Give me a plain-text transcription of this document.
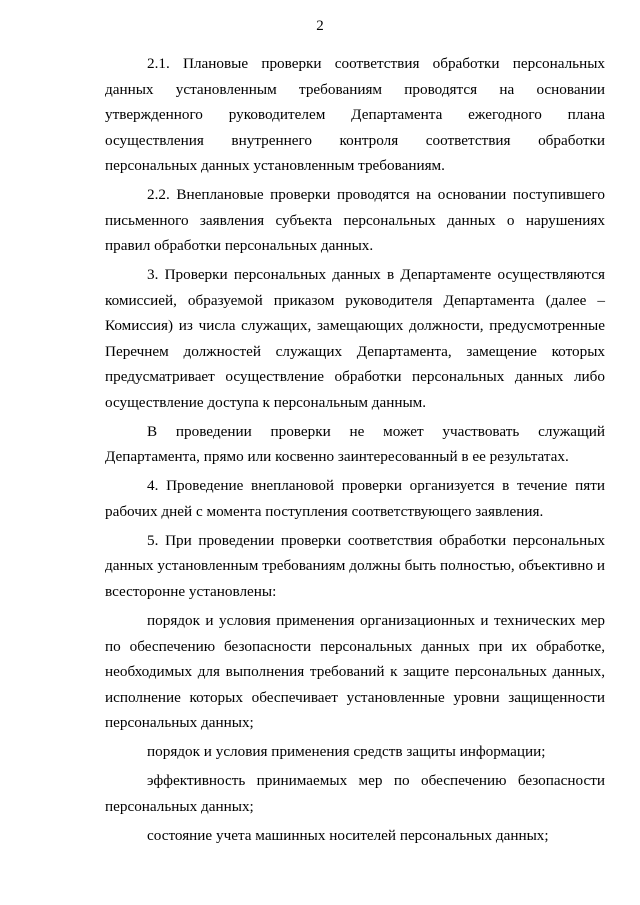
2

2.1. Плановые проверки соответствия обработки персональных данных установленным требованиям проводятся на основании утвержденного руководителем Департамента ежегодного плана осуществления внутреннего контроля соответствия обработки персональных данных установленным требованиям.

2.2. Внеплановые проверки проводятся на основании поступившего письменного заявления субъекта персональных данных о нарушениях правил обработки персональных данных.

3. Проверки персональных данных в Департаменте осуществляются комиссией, образуемой приказом руководителя Департамента (далее – Комиссия) из числа служащих, замещающих должности, предусмотренные Перечнем должностей служащих Департамента, замещение которых предусматривает осуществление обработки персональных данных либо осуществление доступа к персональным данным.

В проведении проверки не может участвовать служащий Департамента, прямо или косвенно заинтересованный в ее результатах.

4. Проведение внеплановой проверки организуется в течение пяти рабочих дней с момента поступления соответствующего заявления.

5. При проведении проверки соответствия обработки персональных данных установленным требованиям должны быть полностью, объективно и всесторонне установлены:

порядок и условия применения организационных и технических мер по обеспечению безопасности персональных данных при их обработке, необходимых для выполнения требований к защите персональных данных, исполнение которых обеспечивает установленные уровни защищенности персональных данных;

порядок и условия применения средств защиты информации;

эффективность принимаемых мер по обеспечению безопасности персональных данных;

состояние учета машинных носителей персональных данных;
